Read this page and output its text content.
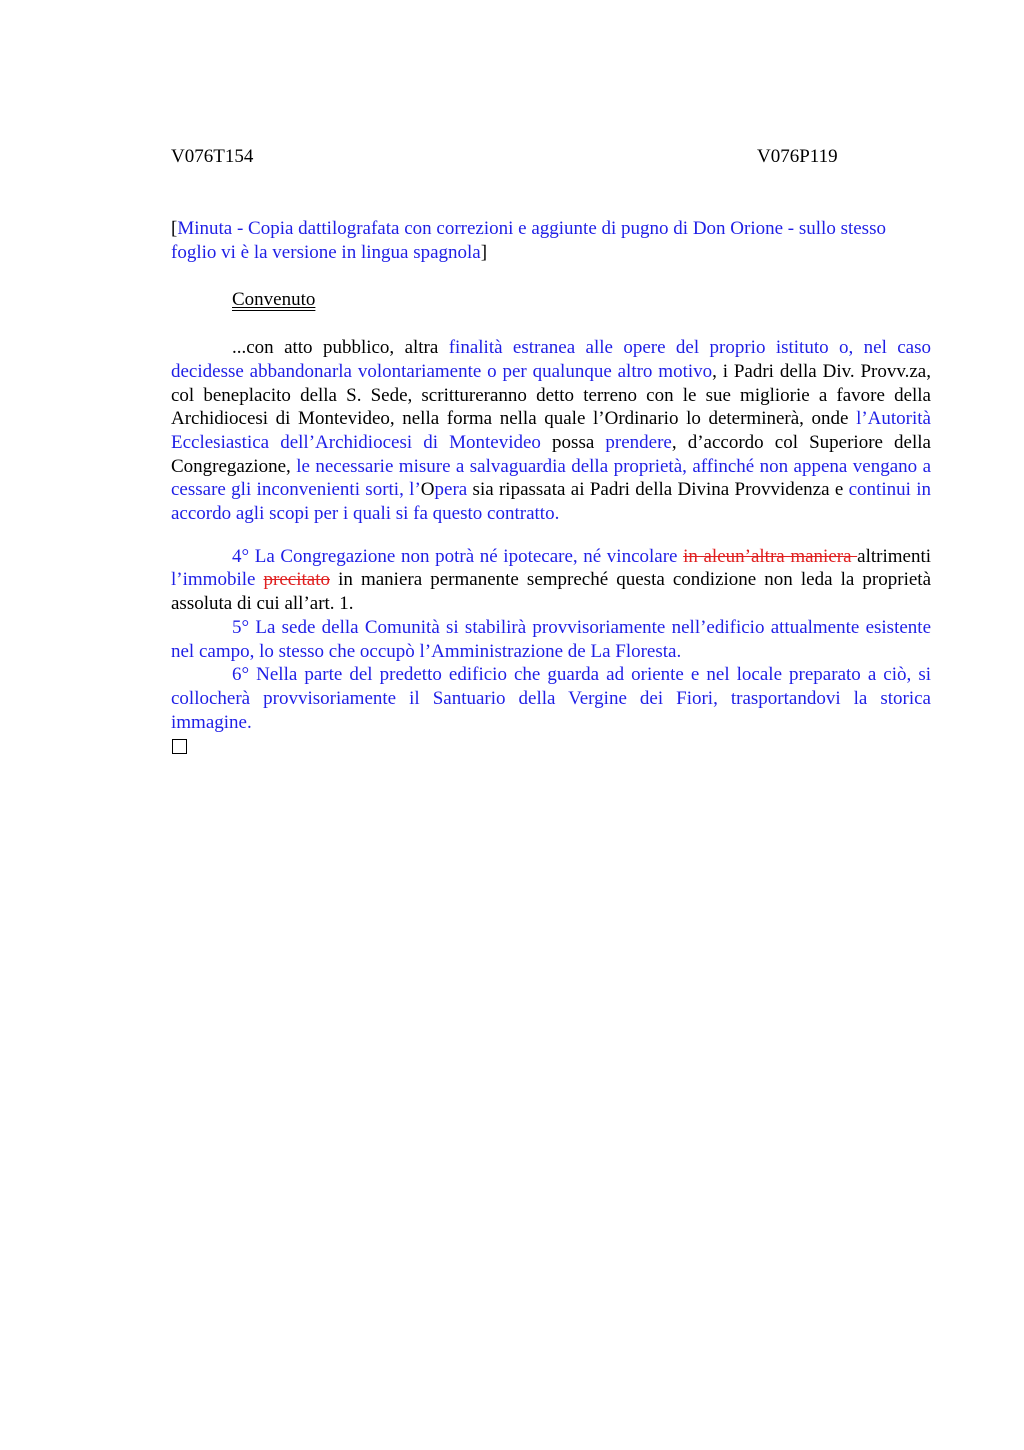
V076T154	V076P119
[Minuta - Copia dattilografata con correzioni e aggiunte di pugno di Don Orione - sullo stesso foglio vi è la versione in lingua spagnola]
Convenuto

...con atto pubblico, altra finalità estranea alle opere del proprio istituto o, nel caso decidesse abbandonarla volontariamente o per qualunque altro motivo, i Padri della Div. Provv.za, col beneplacito della S. Sede, scrittureranno detto terreno con le sue migliorie a favore della Archidiocesi di Montevideo, nella forma nella quale l’Ordinario lo determinerà, onde l’Autorità Ecclesiastica dell’Archidiocesi di Montevideo possa prendere, d’accordo col Superiore della Congregazione, le necessarie misure a salvaguardia della proprietà, affinché non appena vengano a cessare gli inconvenienti sorti, l’Opera sia ripassata ai Padri della Divina Provvidenza e continui in accordo agli scopi per i quali si fa questo contratto.

4° La Congregazione non potrà né ipotecare, né vincolare in aleun’altra maniera altrimenti l’immobile precitato in maniera permanente sempreché questa condizione non leda la proprietà assoluta di cui all’art. 1.

5° La sede della Comunità si stabilirà provvisoriamente nell’edificio attualmente esistente nel campo, lo stesso che occupò l’Amministrazione de La Floresta.

6° Nella parte del predetto edificio che guarda ad oriente e nel locale preparato a ciò, si collocherà provvisoriamente il Santuario della Vergine dei Fiori, trasportandovi la storica immagine.
